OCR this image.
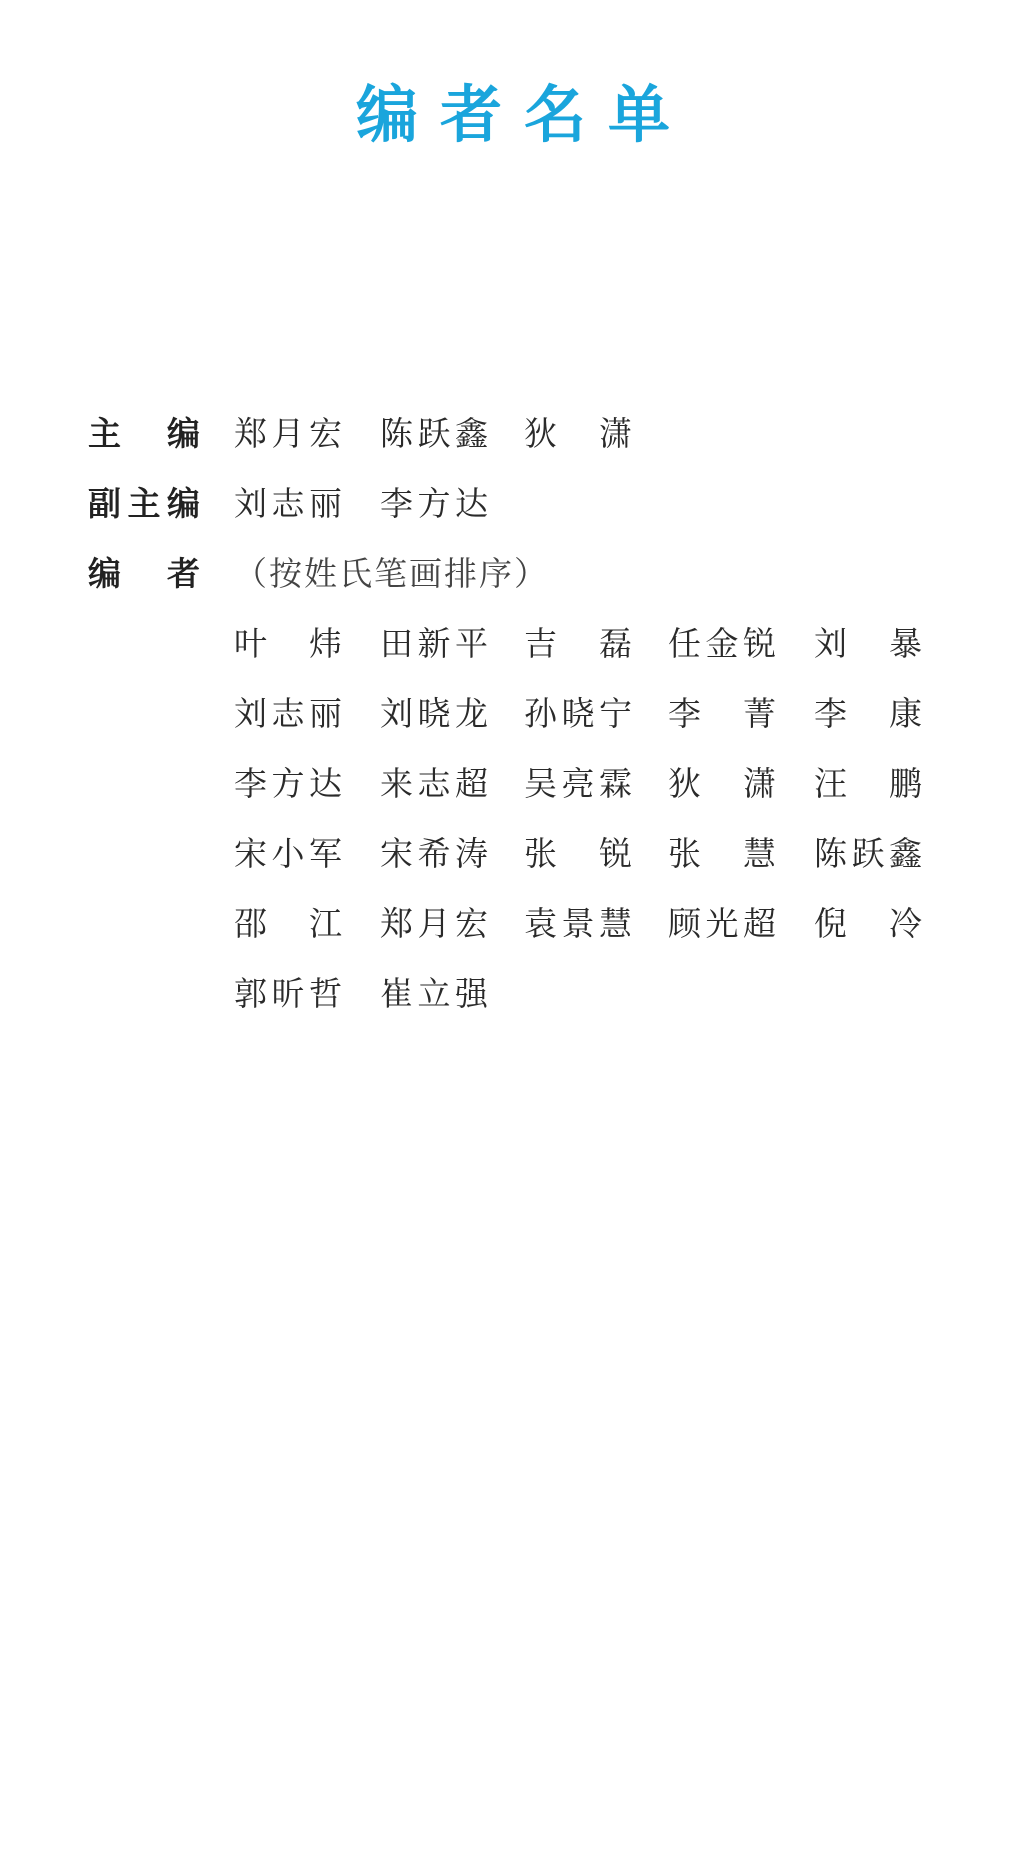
编者名单
主编 郑月宏 陈跃鑫 狄潇
副主编 刘志丽 李方达
编者 （按姓氏笔画排序）
叶炜 田新平 吉磊 任金锐 刘暴
刘志丽 刘晓龙 孙晓宁 李菁 李康
李方达 来志超 吴亮霖 狄潇 汪鹏
宋小军 宋希涛 张锐 张慧 陈跃鑫
邵江 郑月宏 袁景慧 顾光超 倪冷
郭昕哲 崔立强
